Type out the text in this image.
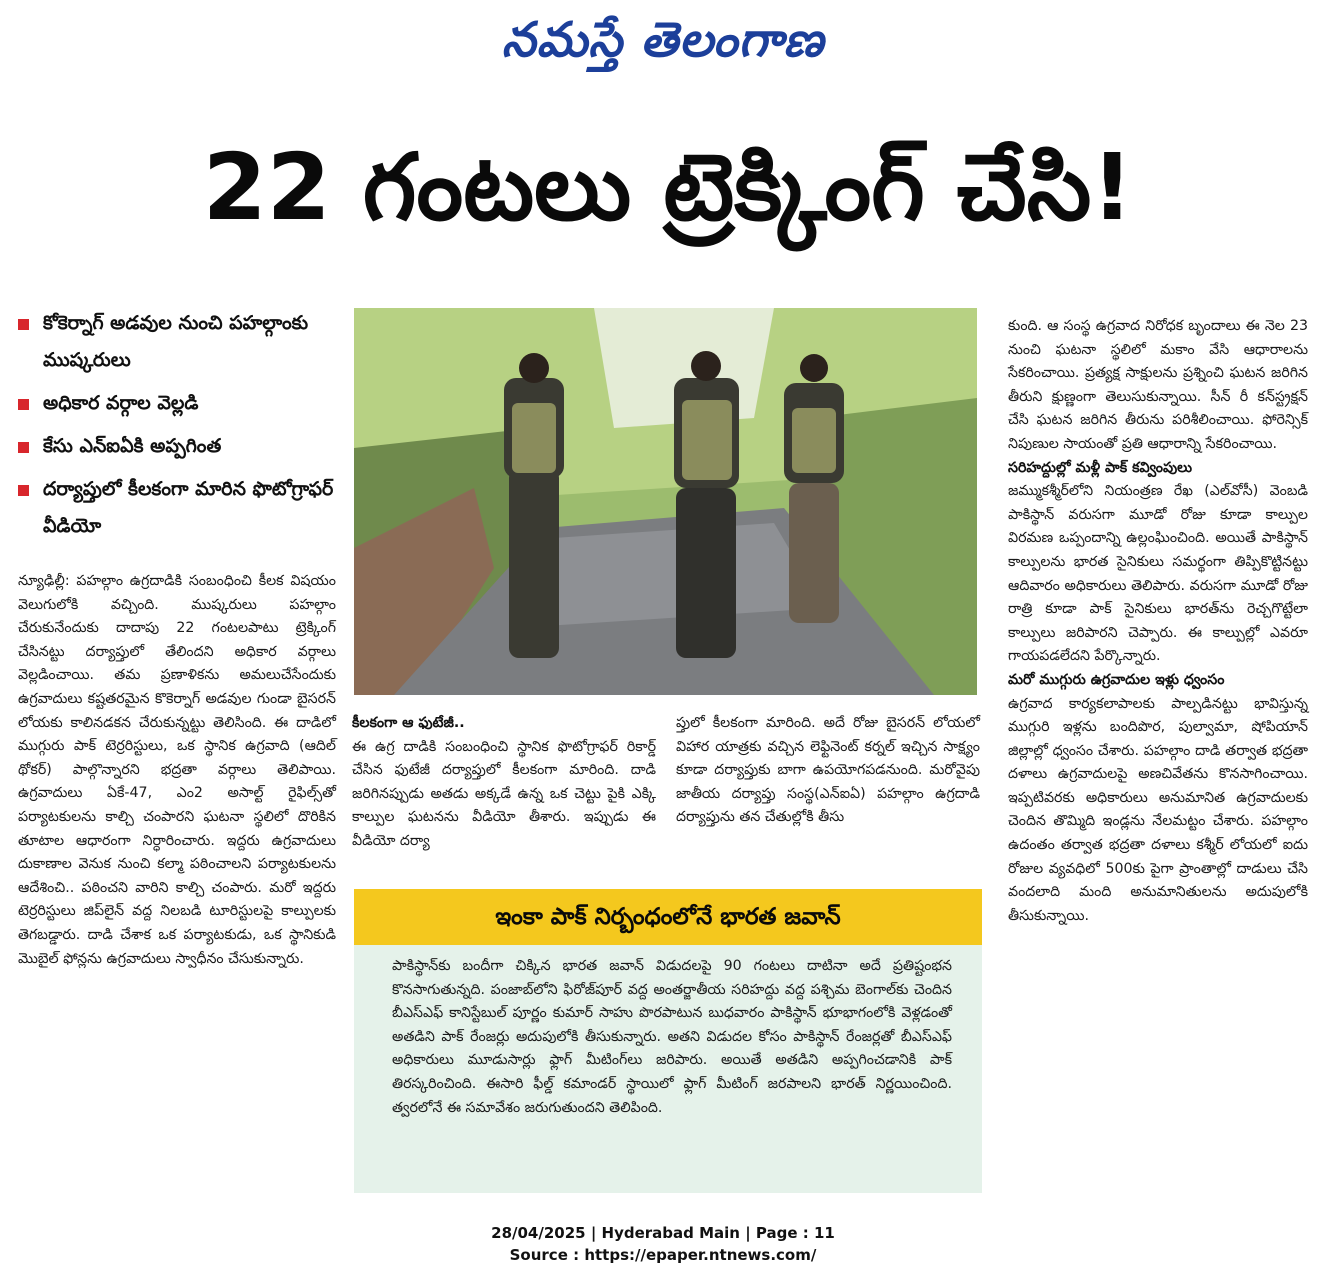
నమస్తే తెలంగాణ
22 గంటలు ట్రెక్కింగ్ చేసి!
కోకెర్నాగ్ అడవుల నుంచి పహల్గాంకు ముష్కరులు
అధికార వర్గాల వెల్లడి
కేసు ఎన్ఐఏకి అప్పగింత
దర్యాప్తులో కీలకంగా మారిన ఫొటోగ్రాఫర్ వీడియో

న్యూఢిల్లీ: పహల్గాం ఉగ్రదాడికి సంబంధించి కీలక విషయం వెలుగులోకి వచ్చింది. ముష్కరులు పహల్గాం చేరుకునేందుకు దాదాపు 22 గంటలపాటు ట్రెక్కింగ్ చేసినట్టు దర్యాప్తులో తేలిందని అధికార వర్గాలు వెల్లడించాయి. తమ ప్రణాళికను అమలుచేసేందుకు ఉగ్రవాదులు కష్టతరమైన కొకెర్నాగ్ అడవుల గుండా బైసరన్ లోయకు కాలినడకన చేరుకున్నట్టు తెలిసింది. ఈ దాడిలో ముగ్గురు పాక్ టెర్రరిస్టులు, ఒక స్థానిక ఉగ్రవాది (ఆదిల్ థోకర్) పాల్గొన్నారని భద్రతా వర్గాలు తెలిపాయి. ఉగ్రవాదులు ఏకే-47, ఎం2 అసాల్ట్ రైఫిల్స్‌తో పర్యాటకులను కాల్చి చంపారని ఘటనా స్థలిలో దొరికిన తూటాల ఆధారంగా నిర్ధారించారు. ఇద్దరు ఉగ్రవాదులు దుకాణాల వెనుక నుంచి కల్మా పఠించాలని పర్యాటకులను ఆదేశించి.. పఠించని వారిని కాల్చి చంపారు. మరో ఇద్దరు టెర్రరిస్టులు జిప్‌లైన్ వద్ద నిలబడి టూరిస్టులపై కాల్పులకు తెగబడ్డారు. దాడి చేశాక ఒక పర్యాటకుడు, ఒక స్థానికుడి మొబైల్ ఫోన్లను ఉగ్రవాదులు స్వాధీనం చేసుకున్నారు.

కీలకంగా ఆ ఫుటేజీ..

ఈ ఉగ్ర దాడికి సంబంధించి స్థానిక ఫొటోగ్రాఫర్ రికార్డ్ చేసిన ఫుటేజీ దర్యాప్తులో కీలకంగా మారింది. దాడి జరిగినప్పుడు అతడు అక్కడే ఉన్న ఒక చెట్టు పైకి ఎక్కి కాల్పుల ఘటనను వీడియో తీశారు. ఇప్పుడు ఈ వీడియో దర్యా

ప్తులో కీలకంగా మారింది. అదే రోజు బైసరన్ లోయలో విహార యాత్రకు వచ్చిన లెఫ్టినెంట్ కర్నల్ ఇచ్చిన సాక్ష్యం కూడా దర్యాప్తుకు బాగా ఉపయోగపడనుంది. మరోవైపు జాతీయ దర్యాప్తు సంస్థ(ఎన్ఐఏ) పహల్గాం ఉగ్రదాడి దర్యాప్తును తన చేతుల్లోకి తీసు

కుంది. ఆ సంస్థ ఉగ్రవాద నిరోధక బృందాలు ఈ నెల 23 నుంచి ఘటనా స్థలిలో మకాం వేసి ఆధారాలను సేకరించాయి. ప్రత్యక్ష సాక్షులను ప్రశ్నించి ఘటన జరిగిన తీరుని క్షుణ్ణంగా తెలుసుకున్నాయి. సీన్ రీ కన్‌స్ట్రక్షన్ చేసి ఘటన జరిగిన తీరును పరిశీలించాయి. ఫోరెన్సిక్ నిపుణుల సాయంతో ప్రతి ఆధారాన్ని సేకరించాయి.

సరిహద్దుల్లో మళ్లీ పాక్ కవ్వింపులు

జమ్ముకశ్మీర్‌లోని నియంత్రణ రేఖ (ఎల్‌వోసీ) వెంబడి పాకిస్థాన్ వరుసగా మూడో రోజు కూడా కాల్పుల విరమణ ఒప్పందాన్ని ఉల్లంఘించింది. అయితే పాకిస్థాన్ కాల్పులను భారత సైనికులు సమర్థంగా తిప్పికొట్టినట్టు ఆదివారం అధికారులు తెలిపారు. వరుసగా మూడో రోజు రాత్రి కూడా పాక్ సైనికులు భారత్‌ను రెచ్చగొట్టేలా కాల్పులు జరిపారని చెప్పారు. ఈ కాల్పుల్లో ఎవరూ గాయపడలేదని పేర్కొన్నారు.

మరో ముగ్గురు ఉగ్రవాదుల ఇళ్లు ధ్వంసం

ఉగ్రవాద కార్యకలాపాలకు పాల్పడినట్టు భావిస్తున్న ముగ్గురి ఇళ్లను బందిపొర, పుల్వామా, షోపియాన్ జిల్లాల్లో ధ్వంసం చేశారు. పహల్గాం దాడి తర్వాత భద్రతా దళాలు ఉగ్రవాదులపై అణచివేతను కొనసాగించాయి. ఇప్పటివరకు అధికారులు అనుమానిత ఉగ్రవాదులకు చెందిన తొమ్మిది ఇండ్లను నేలమట్టం చేశారు. పహల్గాం ఉదంతం తర్వాత భద్రతా దళాలు కశ్మీర్ లోయలో ఐదు రోజుల వ్యవధిలో 500కు పైగా ప్రాంతాల్లో దాడులు చేసి వందలాది మంది అనుమానితులను అదుపులోకి తీసుకున్నాయి.

ఇంకా పాక్ నిర్బంధంలోనే భారత జవాన్
పాకిస్థాన్‌కు బందీగా చిక్కిన భారత జవాన్ విడుదలపై 90 గంటలు దాటినా అదే ప్రతిష్టంభన కొనసాగుతున్నది. పంజాబ్‌లోని ఫిరోజ్‌పూర్ వద్ద అంతర్జాతీయ సరిహద్దు వద్ద పశ్చిమ బెంగాల్‌కు చెందిన బీఎస్ఎఫ్ కానిస్టేబుల్ పూర్ణం కుమార్ సాహు పొరపాటున బుధవారం పాకిస్థాన్ భూభాగంలోకి వెళ్లడంతో అతడిని పాక్ రేంజర్లు అదుపులోకి తీసుకున్నారు. అతని విడుదల కోసం పాకిస్థాన్ రేంజర్లతో బీఎస్ఎఫ్ అధికారులు మూడుసార్లు ఫ్లాగ్ మీటింగ్‌లు జరిపారు. అయితే అతడిని అప్పగించడానికి పాక్ తిరస్కరించింది. ఈసారి ఫీల్డ్ కమాండర్ స్థాయిలో ఫ్లాగ్ మీటింగ్ జరపాలని భారత్ నిర్ణయించింది. త్వరలోనే ఈ సమావేశం జరుగుతుందని తెలిపింది.
28/04/2025 | Hyderabad Main | Page : 11
Source : https://epaper.ntnews.com/
